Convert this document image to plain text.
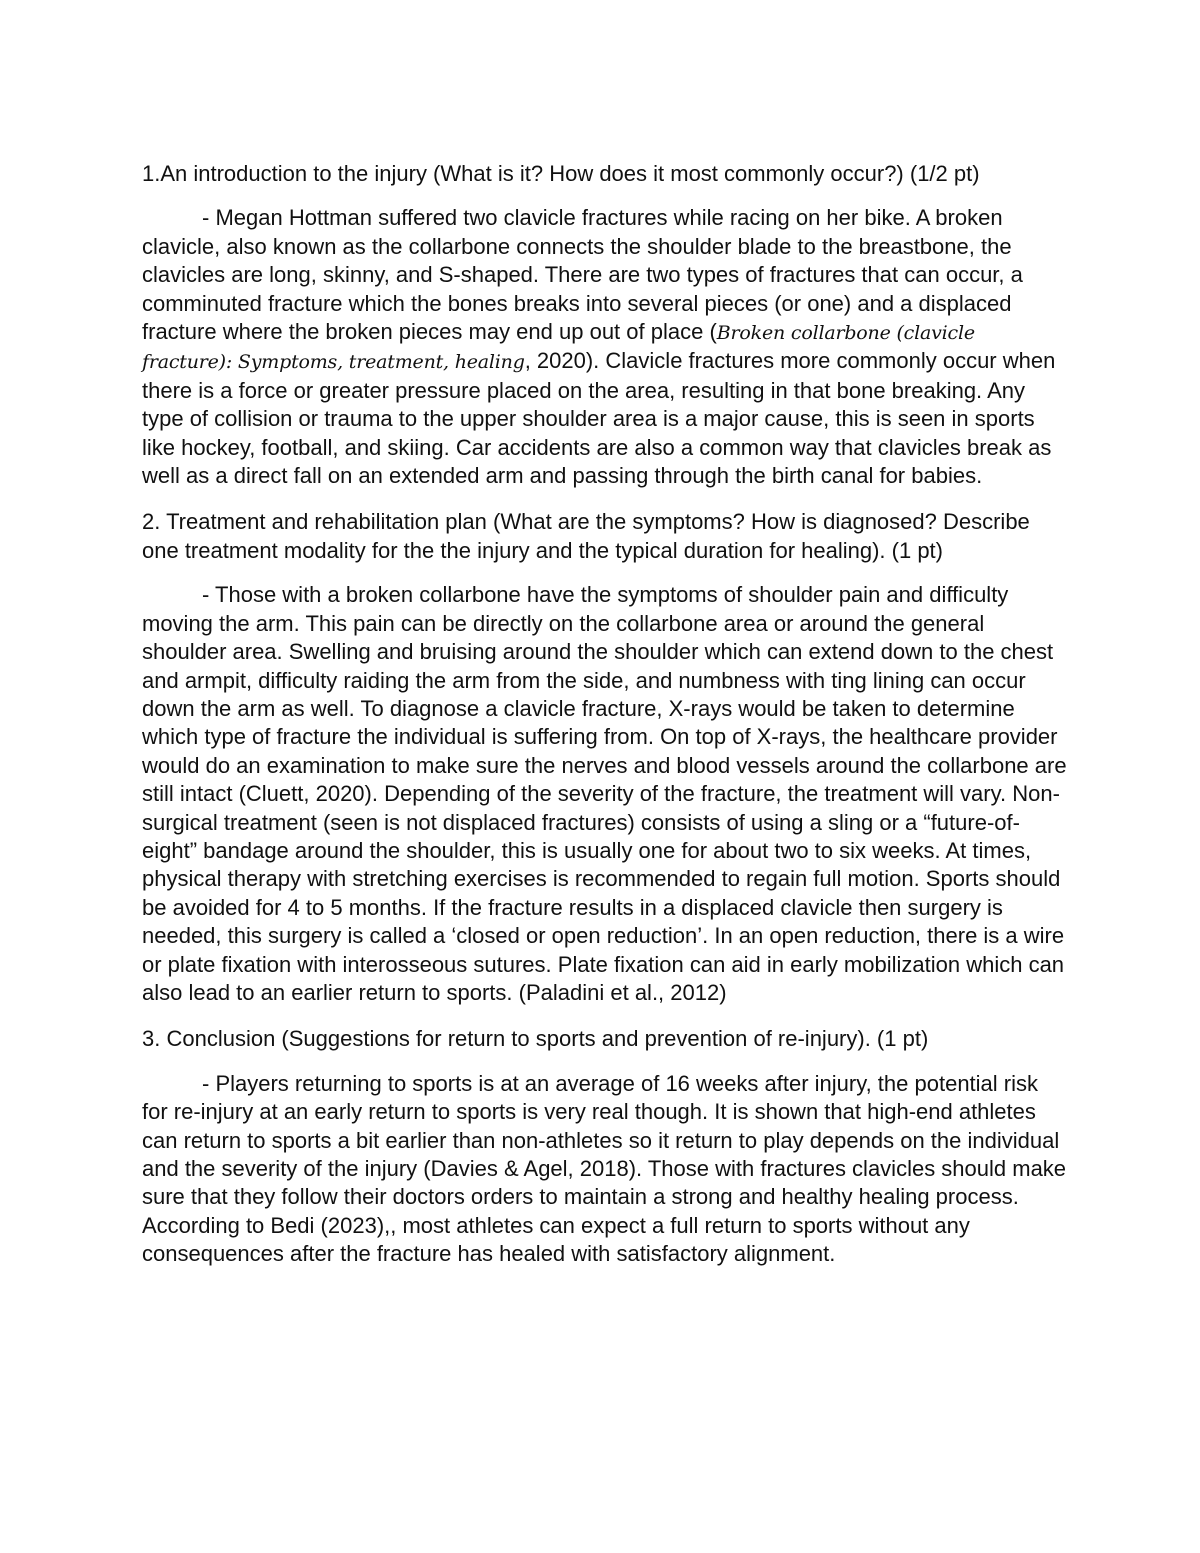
1.An introduction to the injury (What is it? How does it most commonly occur?) (1/2 pt)

- Megan Hottman suffered two clavicle fractures while racing on her bike. A broken clavicle, also known as the collarbone connects the shoulder blade to the breastbone, the clavicles are long, skinny, and S-shaped. There are two types of fractures that can occur, a comminuted fracture which the bones breaks into several pieces (or one) and a displaced fracture where the broken pieces may end up out of place (Broken collarbone (clavicle fracture): Symptoms, treatment, healing, 2020). Clavicle fractures more commonly occur when there is a force or greater pressure placed on the area, resulting in that bone breaking. Any type of collision or trauma to the upper shoulder area is a major cause, this is seen in sports like hockey, football, and skiing. Car accidents are also a common way that clavicles break as well as a direct fall on an extended arm and passing through the birth canal for babies.

2. Treatment and rehabilitation plan (What are the symptoms? How is diagnosed? Describe one treatment modality for the the injury and the typical duration for healing). (1 pt)

- Those with a broken collarbone have the symptoms of shoulder pain and difficulty moving the arm. This pain can be directly on the collarbone area or around the general shoulder area. Swelling and bruising around the shoulder which can extend down to the chest and armpit, difficulty raiding the arm from the side, and numbness with ting lining can occur down the arm as well. To diagnose a clavicle fracture, X-rays would be taken to determine which type of fracture the individual is suffering from. On top of X-rays, the healthcare provider would do an examination to make sure the nerves and blood vessels around the collarbone are still intact (Cluett, 2020). Depending of the severity of the fracture, the treatment will vary. Non-surgical treatment (seen is not displaced fractures) consists of using a sling or a “future-of-eight” bandage around the shoulder, this is usually one for about two to six weeks. At times, physical therapy with stretching exercises is recommended to regain full motion. Sports should be avoided for 4 to 5 months. If the fracture results in a displaced clavicle then surgery is needed, this surgery is called a ‘closed or open reduction’. In an open reduction, there is a wire or plate fixation with interosseous sutures. Plate fixation can aid in early mobilization which can also lead to an earlier return to sports. (Paladini et al., 2012)

3. Conclusion (Suggestions for return to sports and prevention of re-injury). (1 pt)

- Players returning to sports is at an average of 16 weeks after injury, the potential risk for re-injury at an early return to sports is very real though. It is shown that high-end athletes can return to sports a bit earlier than non-athletes so it return to play depends on the individual and the severity of the injury (Davies & Agel, 2018). Those with fractures clavicles should make sure that they follow their doctors orders to maintain a strong and healthy healing process. According to Bedi (2023),, most athletes can expect a full return to sports without any consequences after the fracture has healed with satisfactory alignment.
